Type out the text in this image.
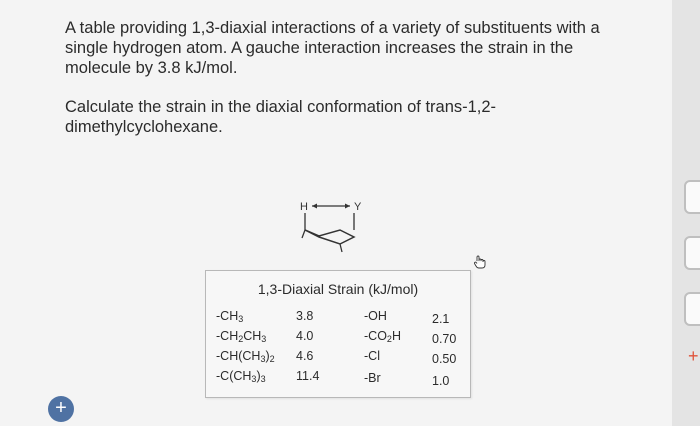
A table providing 1,3-diaxial interactions of a variety of substituents with a single hydrogen atom. A gauche interaction increases the strain in the molecule by 3.8 kJ/mol.

Calculate the strain in the diaxial conformation of trans-1,2-dimethylcyclohexane.

H	Y
1,3-Diaxial Strain (kJ/mol)
$-CH_3$	3.8	-OH	2.1
$-CH_2CH_3$ 4.0	$-CO_2H$ 0.70
$-CH(CH_3)_2$ 4.6	-Cl	0.50
$-C(CH_3)_3$ 11.4	-Br	1.0
+
+
